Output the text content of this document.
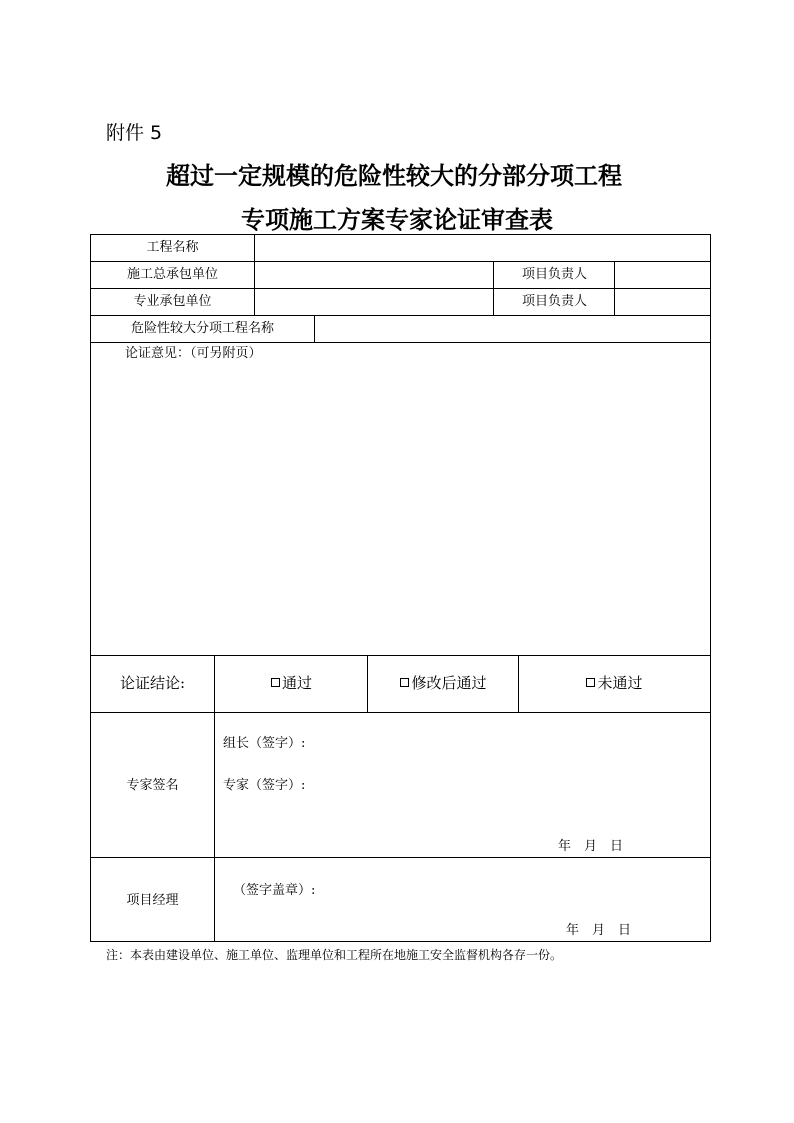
附件 5
超过一定规模的危险性较大的分部分项工程
专项施工方案专家论证审查表
工程名称
施工总承包单位	项目负责人
专业承包单位	项目负责人
危险性较大分项工程名称
论证意见：（可另附页）
论证结论:	通过	修改后通过	未通过
专家签名
组长（签字）:
专家（签字）:
年　月　日
项目经理
（签字盖章）:
年　月　日
注：本表由建设单位、施工单位、监理单位和工程所在地施工安全监督机构各存一份。
